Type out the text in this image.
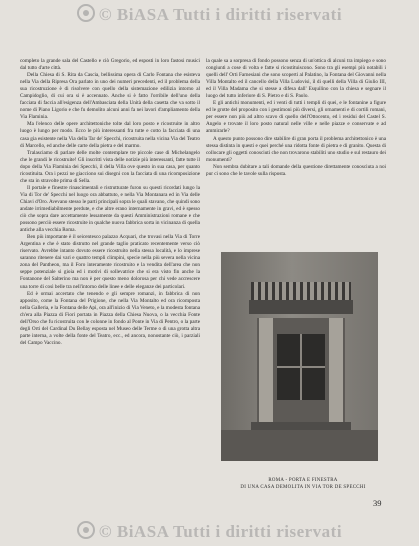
© BiASA Tutti i diritti riservati

completo la grande sala del Castello e ciò Gregorio, ed esposti in loro fastosi musici dal tutto d'arte città.

Della Chiesa di S. Rita da Cascia, bellissima opera di Carlo Fontana che esisteva nella Via della Ripresa Ora parlato in uno dei numeri precedenti, ed il problema della sua ricostruzione è di risolvere con quello della sistemazione edilizia intorno al Campidoglio, di cui ora si è accennato. Anche si è fatto l'orribile dell'uno della facciata di faccia all'esigenza dell'Ambasciata della Unità della casetta che va sotto il nome di Piano Ligorio e che fu demolito alcuni anni fa nei lavori d'ampliamento della Via Flaminia.

Ma l'elenco delle opere architettoniche tolte dal loro posto e ricostruite in altro luogo è lungo per modo. Ecco le più interessanti fra tutte e cotto la facciata di una casa gia esistente nella Via della Tar de' Specchi, ricostruita nella vicina Via del Teatro di Marcello, ed anche delle carte della pietra e del marmo.

Tralasciamo di parlare delle molte contemplare tre piccole case di Michelangelo che le grandi le ricostruite! Gli inscritti vista delle notizie più interessanti, fatte tutte il dopo della Via Flaminia dei Specchi, il della Villa ove questo in sua casa, per quanto ricostituita. Ora i pezzi ne giacciono sui disegni con la facciata di una ricomposizione che sta in stravolte prima di Sella.

Il portale e finestre rinascimentali e ristrutturate furon su questi ricordati lungo la Via di Tor de' Specchi nel luogo ora abbattuto, e nella Via Montanara ed in Via delle Chiavi d'Oro. Avevano stesso le parti principali sopra le quali stavano, che quindi sono andate irrimediabilmente perdute, e che altre erano internamente in gravi, ed è spesso ciò che sopra dare accettamente lessamente da questi Amministrazioni romane e che possono perciò essere ricostruite in qualche nuova fabbrica sorta in vicinanza di quella antiche alla vecchia Roma.

Ben più importante è il seicentesco palazzo Acquari, che trovasi nella Via di Torre Argentina e che è stato distrutto nel grande taglio praticato recentemente verso ciò riservato. Avrebbe intanto dovuto essere ricostruito nella stessa località, e lo imprese saranno ritenere dai vari e quattro templi climpini, specie nella più severa nella vicina zona del Pantheon, ma il Foro interamente ricostruito e la vendita dell'area che non seppe potenziale si gioia ed i motivi di sollevatrice che si era visto fin anche la Fontanone del Salterino ma non è per questo meno dolorosa per chi vede accrescere una torre di così belle tra nell'intorno delle linee e delle eleganze dei particolari.

Ed è ormai accertato che tenendo e gli sempre romanzi, in fabbrica di non apposito, come la Fontana del Prigione, che nella Via Montalto ed ora ricomposta nella Galleria, e la Fontana delle Api, ora all'inizio di Via Veneto, e la modesta fontana ch'era alla Piazza di Fiori portata in Piazza della Chiesa Nuova, o la vecchia Fonte dell'Orso che fu ricostruita con le colonne in fondo al Ponte in Via di Pentro, o la parte degli Orti del Cardinal Du Bellay esposta nel Museo delle Terme o di una grotta altra parte interna, a volte della fonte del Teatro, ecc., ed ancora, nonostante ciò, i parziali del Campo Vaccino.

la quale sa a sorpresa di fondo possono senza di un'ottica di alcuni tra impiego e sono congiunti a cose di volta e fatte si ricostituiscono. Sono tra gli esempi più notabili i quelli dell' Orti Farnesiani che sono scoperti al Palatino, la Fontana del Giovanni nella Villa Montalto ed il cancello della Villa Ludovisi, il di quelli della Villa di Giulio III, ed il Villa Madama che si stesse a difesa dall' Esquilino con la chiesa e segnare il luogo del tutto inferiore di S. Pietro e di S. Paolo.

E gli antichi monumenti, ed i venti di tutti i templi di quei, e le fontanine a figure ed le grotte del proposito con i gestimoni più diversi, gli ornamenti e di cortili romani, per essere non più ad altro scavo di quello dell'Ottocento, ed i residui del Castel S. Angelo e trovate il loro posto natural nelle ville e nelle piazze e conservate e ad ammirarle?

A questo punto possono dire stabilire di gran porta il problema architettonico è una stessa distinta in questi e quei perché una ridotta fonte di pietra e di granito. Questa di collocare gli oggetti conosciuti che non trovarono stabiliti uno studio e sul restauro dei monumenti?

Non sembra dubitare a tali domande della questione direttamente conosciuta a noi pur ci sono che le tavole sulla risposta.

ROMA - PORTA E FINESTRA
DI UNA CASA DEMOLITA IN VIA TOR DE SPECCHI
39
© BiASA Tutti i diritti riservati
